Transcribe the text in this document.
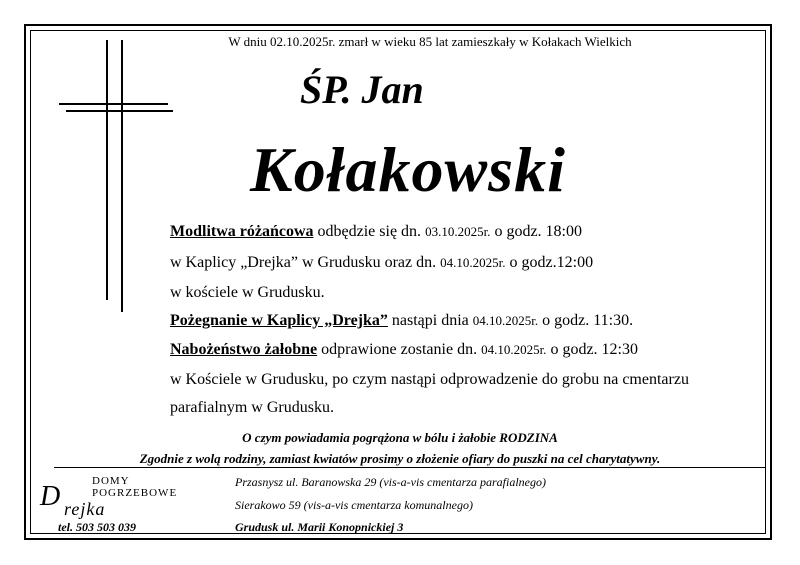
W dniu 02.10.2025r. zmarł w wieku 85 lat zamieszkały w Kołakach Wielkich
ŚP. Jan
Kołakowski
Modlitwa różańcowa odbędzie się dn. 03.10.2025r. o godz. 18:00
w Kaplicy „Drejka” w Grudusku oraz dn. 04.10.2025r. o godz.12:00
w kościele w Grudusku.
Pożegnanie w Kaplicy „Drejka” nastąpi dnia 04.10.2025r. o godz. 11:30.
Nabożeństwo żałobne odprawione zostanie dn. 04.10.2025r. o godz. 12:30
w Kościele w Grudusku, po czym nastąpi odprowadzenie do grobu na cmentarzu
parafialnym w Grudusku.
O czym powiadamia pogrążona w bólu i żałobie RODZINA
Zgodnie z wolą rodziny, zamiast kwiatów prosimy o złożenie ofiary do puszki na cel charytatywny.
DOMY
POGRZEBOWE
D rejka
tel. 503 503 039
Przasnysz ul. Baranowska 29 (vis-a-vis cmentarza parafialnego)
Sierakowo 59 (vis-a-vis cmentarza komunalnego)
Grudusk ul. Marii Konopnickiej 3
